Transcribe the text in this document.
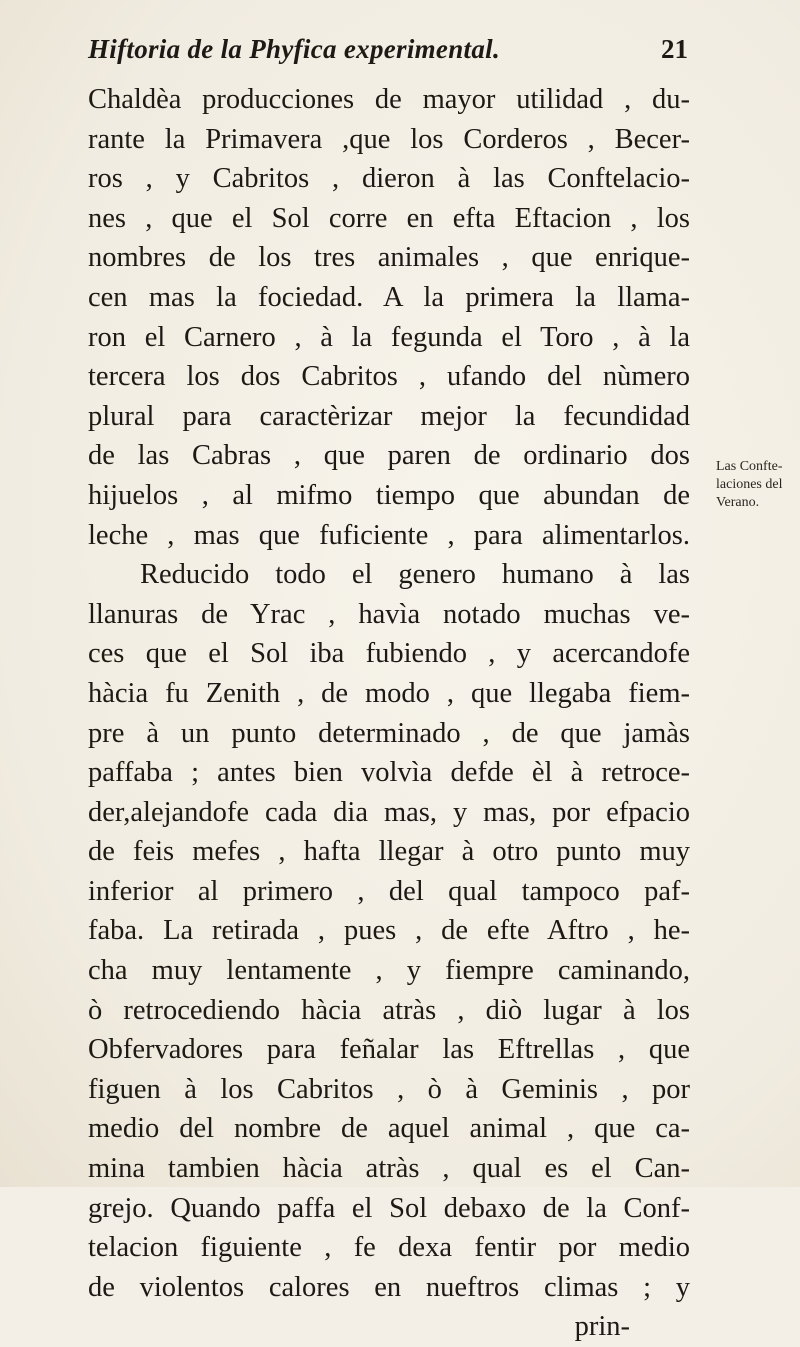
Hiftoria de la Phyfica experimental.	21
Chaldèa producciones de mayor utilidad , du-
rante la Primavera ,que los Corderos , Becer-
ros , y Cabritos , dieron à las Conftelacio-
nes , que el Sol corre en efta Eftacion , los
nombres de los tres animales , que enrique-
cen mas la fociedad. A la primera la llama-
ron el Carnero , à la fegunda el Toro , à la
tercera los dos Cabritos , ufando del nùmero
plural para caractèrizar mejor la fecundidad
de las Cabras , que paren de ordinario dos
hijuelos , al mifmo tiempo que abundan de
leche , mas que fuficiente , para alimentarlos.
Reducido todo el genero humano à las
llanuras de Yrac , havìa notado muchas ve-
ces que el Sol iba fubiendo , y acercandofe
hàcia fu Zenith , de modo , que llegaba fiem-
pre à un punto determinado , de que jamàs
paffaba ; antes bien volvìa defde èl à retroce-
der,alejandofe cada dia mas, y mas, por efpacio
de feis mefes , hafta llegar à otro punto muy
inferior al primero , del qual tampoco paf-
faba. La retirada , pues , de efte Aftro , he-
cha muy lentamente , y fiempre caminando,
ò retrocediendo hàcia atràs , diò lugar à los
Obfervadores para feñalar las Eftrellas , que
figuen à los Cabritos , ò à Geminis , por
medio del nombre de aquel animal , que ca-
mina tambien hàcia atràs , qual es el Can-
grejo. Quando paffa el Sol debaxo de la Conf-
telacion figuiente , fe dexa fentir por medio
de violentos calores en nueftros climas ; y
prin-
Las Confte-
laciones del
Verano.
